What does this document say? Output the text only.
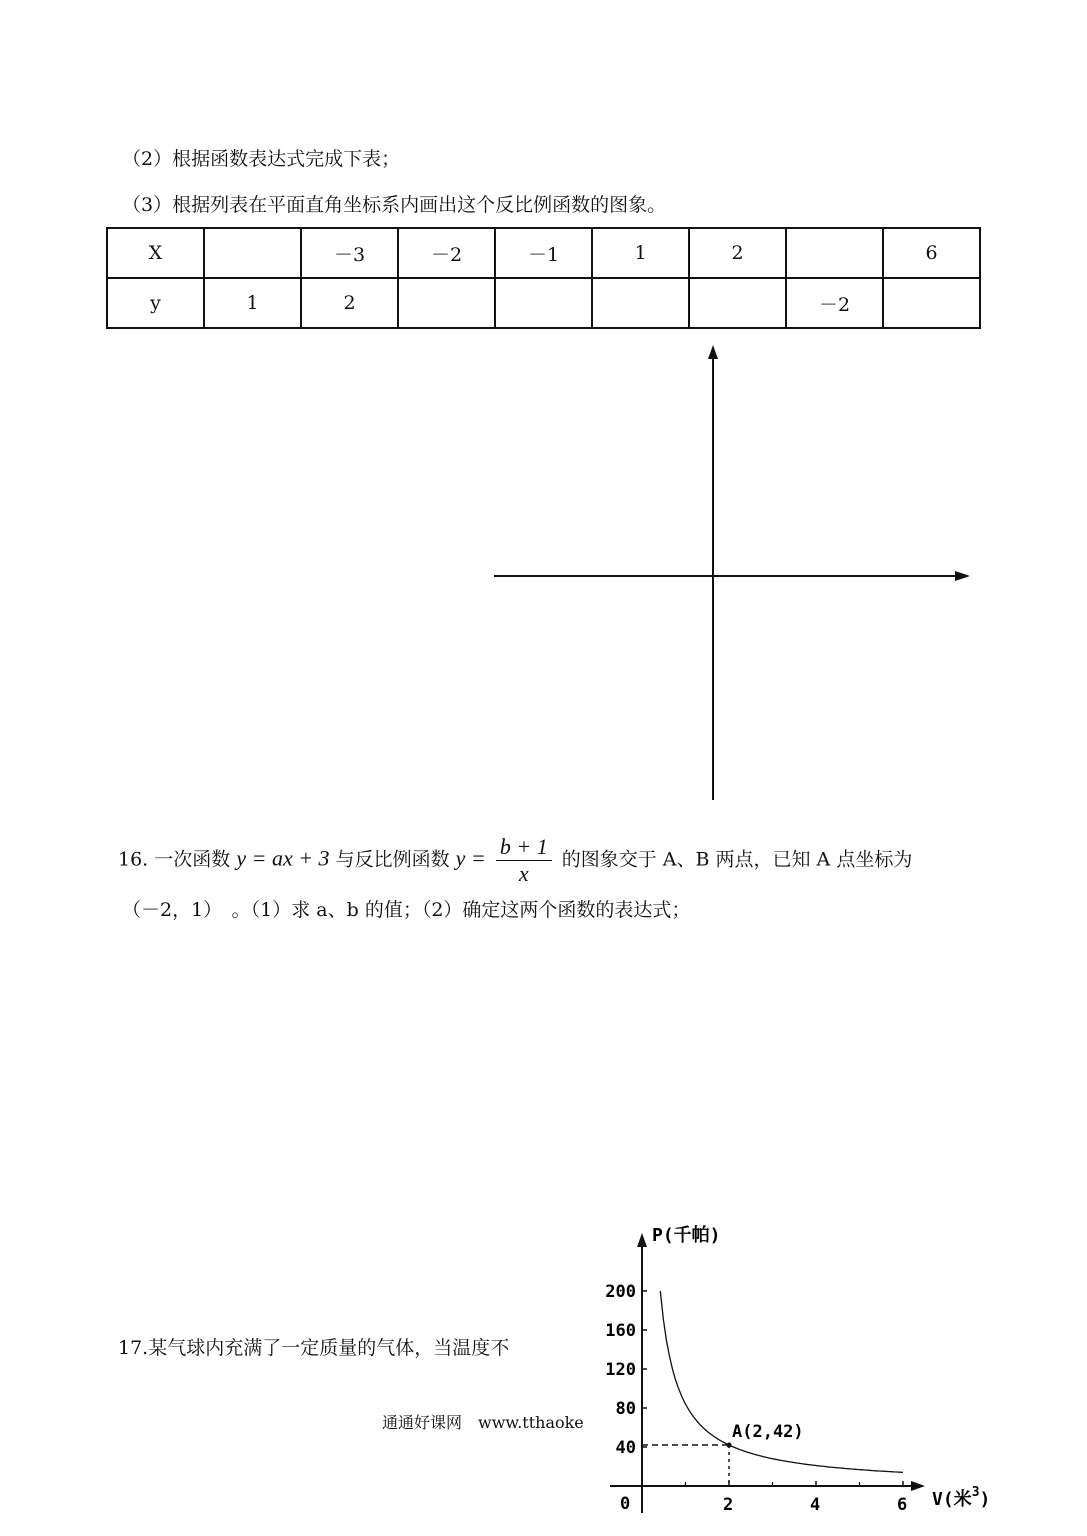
（2）根据函数表达式完成下表；
（3）根据列表在平面直角坐标系内画出这个反比例函数的图象。
X		－3	－2	－1	1	2		6
y	1	2					－2	
16. 一次函数 y = ax + 3 与反比例函数 $y = \frac{b + 1}{x}$ 的图象交于 A、B 两点，已知 A 点坐标为
（－2，1）　。（1）求 a、b 的值；（2）确定这两个函数的表达式；
17.某气球内充满了一定质量的气体，当温度不
通通好课网　www.tthaoke
P(千帕)
0	V(米$^3$)
2	4	6
40
80
120
160
200
A(2,42)
